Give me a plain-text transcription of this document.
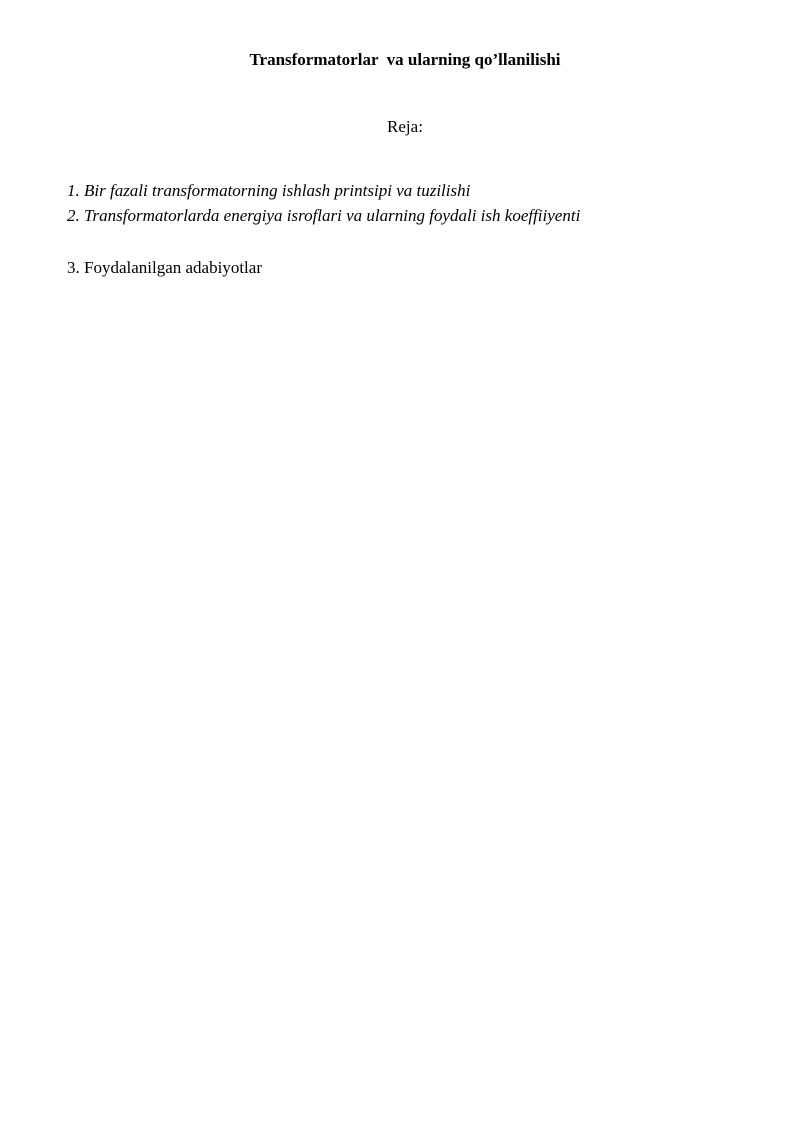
Transformatorlar  va ularning qo’llanilishi
Reja:
1. Bir fazali transformatorning ishlash printsipi va tuzilishi
2. Transformatorlarda energiya isroflari va ularning foydali ish koeffiiyenti
3. Foydalanilgan adabiyotlar
